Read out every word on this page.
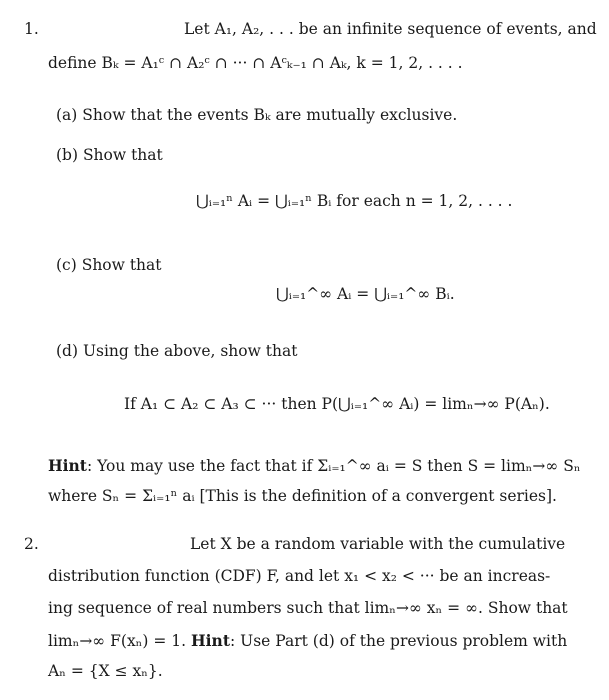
1.	Let A₁, A₂, . . . be an infinite sequence of events, and
define Bₖ = A₁ᶜ ∩ A₂ᶜ ∩ ··· ∩ Aᶜₖ₋₁ ∩ Aₖ, k = 1, 2, . . . .
(a) Show that the events Bₖ are mutually exclusive.
(b) Show that
⋃ᵢ₌₁ⁿ Aᵢ = ⋃ᵢ₌₁ⁿ Bᵢ for each n = 1, 2, . . . .
(c) Show that
⋃ᵢ₌₁^∞ Aᵢ = ⋃ᵢ₌₁^∞ Bᵢ.
(d) Using the above, show that
If A₁ ⊂ A₂ ⊂ A₃ ⊂ ··· then P(⋃ᵢ₌₁^∞ Aᵢ) = limₙ→∞ P(Aₙ).
Hint: You may use the fact that if Σᵢ₌₁^∞ aᵢ = S then S = limₙ→∞ Sₙ
where Sₙ = Σᵢ₌₁ⁿ aᵢ [This is the definition of a convergent series].
2.	Let X be a random variable with the cumulative
distribution function (CDF) F, and let x₁ < x₂ < ··· be an increas-
ing sequence of real numbers such that limₙ→∞ xₙ = ∞. Show that
limₙ→∞ F(xₙ) = 1. Hint: Use Part (d) of the previous problem with
Aₙ = {X ≤ xₙ}.
